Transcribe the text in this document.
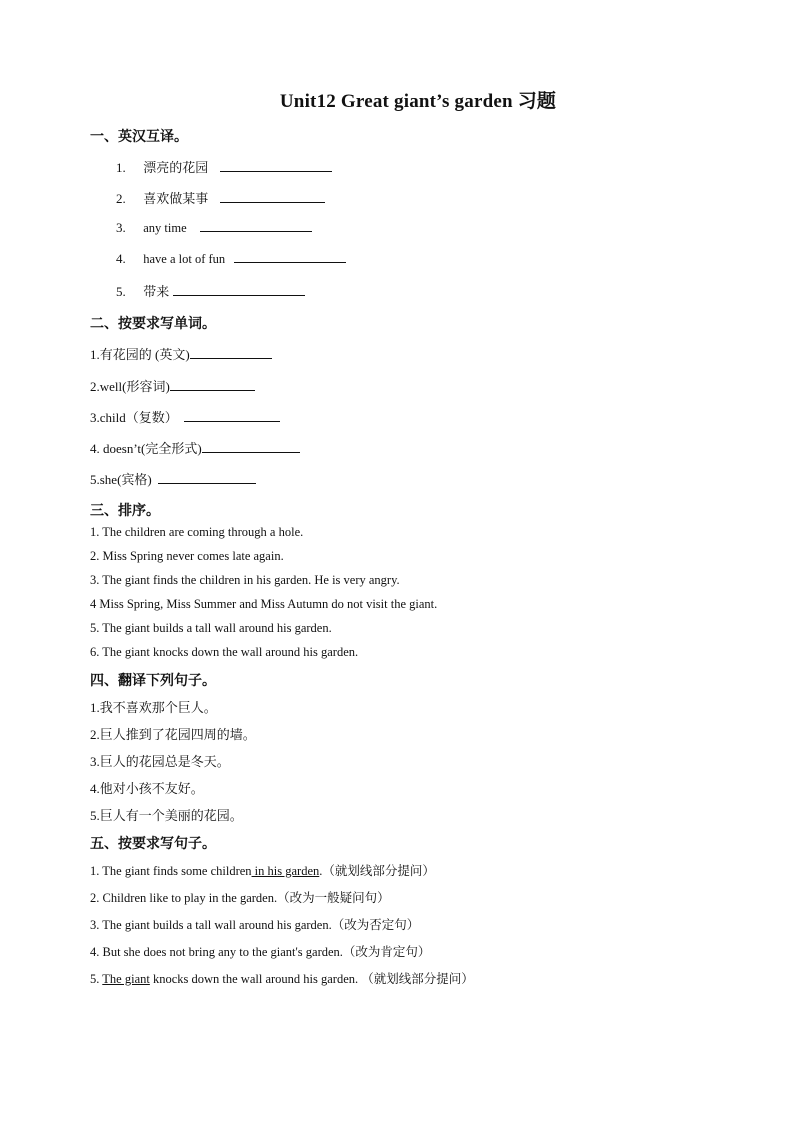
Unit12 Great giant’s garden 习题
一、英汉互译。
1. 漂亮的花园
2. 喜欢做某事
3. any time
4. have a lot of fun
5. 带来
二、按要求写单词。
1.有花园的 (英文)
2.well(形容词)
3.child（复数）
4. doesn’t(完全形式)
5.she(宾格)
三、排序。
1. The children are coming through a hole.
2. Miss Spring never comes late again.
3. The giant finds the children in his garden. He is very angry.
4 Miss Spring, Miss Summer and Miss Autumn do not visit the giant.
5. The giant builds a tall wall around his garden.
6. The giant knocks down the wall around his garden.
四、翻译下列句子。
1.我不喜欢那个巨人。
2.巨人推到了花园四周的墙。
3.巨人的花园总是冬天。
4.他对小孩不友好。
5.巨人有一个美丽的花园。
五、按要求写句子。
1. The giant finds some children in his garden.（就划线部分提问）
2. Children like to play in the garden.（改为一般疑问句）
3. The giant builds a tall wall around his garden.（改为否定句）
4. But she does not bring any to the giant's garden.（改为肯定句）
5. The giant knocks down the wall around his garden. （就划线部分提问）
